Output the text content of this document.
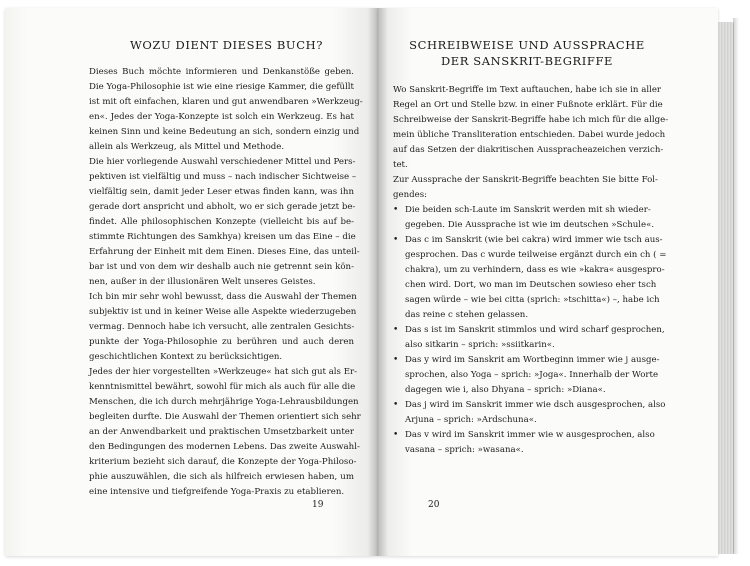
WOZU DIENT DIESES BUCH?
Dieses Buch möchte informieren und Denkanstöße geben.
Die Yoga-Philosophie ist wie eine riesige Kammer, die gefüllt
ist mit oft einfachen, klaren und gut anwendbaren »Werkzeug-
en«. Jedes der Yoga-Konzepte ist solch ein Werkzeug. Es hat
keinen Sinn und keine Bedeutung an sich, sondern einzig und
allein als Werkzeug, als Mittel und Methode.
Die hier vorliegende Auswahl verschiedener Mittel und Pers-
pektiven ist vielfältig und muss – nach indischer Sichtweise –
vielfältig sein, damit jeder Leser etwas finden kann, was ihn
gerade dort anspricht und abholt, wo er sich gerade jetzt be-
findet. Alle philosophischen Konzepte (vielleicht bis auf be-
stimmte Richtungen des Samkhya) kreisen um das Eine – die
Erfahrung der Einheit mit dem Einen. Dieses Eine, das unteil-
bar ist und von dem wir deshalb auch nie getrennt sein kön-
nen, außer in der illusionären Welt unseres Geistes.
Ich bin mir sehr wohl bewusst, dass die Auswahl der Themen
subjektiv ist und in keiner Weise alle Aspekte wiederzugeben
vermag. Dennoch habe ich versucht, alle zentralen Gesichts-
punkte der Yoga-Philosophie zu berühren und auch deren
geschichtlichen Kontext zu berücksichtigen.
Jedes der hier vorgestellten »Werkzeuge« hat sich gut als Er-
kenntnismittel bewährt, sowohl für mich als auch für alle die
Menschen, die ich durch mehrjährige Yoga-Lehrausbildungen
begleiten durfte. Die Auswahl der Themen orientiert sich sehr
an der Anwendbarkeit und praktischen Umsetzbarkeit unter
den Bedingungen des modernen Lebens. Das zweite Auswahl-
kriterium bezieht sich darauf, die Konzepte der Yoga-Philoso-
phie auszuwählen, die sich als hilfreich erwiesen haben, um
eine intensive und tiefgreifende Yoga-Praxis zu etablieren.
19
SCHREIBWEISE UND AUSSPRACHE
DER SANSKRIT-BEGRIFFE
Wo Sanskrit-Begriffe im Text auftauchen, habe ich sie in aller
Regel an Ort und Stelle bzw. in einer Fußnote erklärt. Für die
Schreibweise der Sanskrit-Begriffe habe ich mich für die allge-
mein übliche Transliteration entschieden. Dabei wurde jedoch
auf das Setzen der diakritischen Ausspracheazeichen verzich-
tet.
Zur Aussprache der Sanskrit-Begriffe beachten Sie bitte Fol-
gendes:
• Die beiden sch-Laute im Sanskrit werden mit sh wieder-
gegeben. Die Aussprache ist wie im deutschen »Schule«.
• Das c im Sanskrit (wie bei cakra) wird immer wie tsch aus-
gesprochen. Das c wurde teilweise ergänzt durch ein ch ( =
chakra), um zu verhindern, dass es wie »kakra« ausgespro-
chen wird. Dort, wo man im Deutschen sowieso eher tsch
sagen würde – wie bei citta (sprich: »tschitta«) –, habe ich
das reine c stehen gelassen.
• Das s ist im Sanskrit stimmlos und wird scharf gesprochen,
also sitkarin – sprich: »ssiitkarin«.
• Das y wird im Sanskrit am Wortbeginn immer wie j ausge-
sprochen, also Yoga – sprich: »Joga«. Innerhalb der Worte
dagegen wie i, also Dhyana – sprich: »Diana«.
• Das j wird im Sanskrit immer wie dsch ausgesprochen, also
Arjuna – sprich: »Ardschuna«.
• Das v wird im Sanskrit immer wie w ausgesprochen, also
vasana – sprich: »wasana«.
20
